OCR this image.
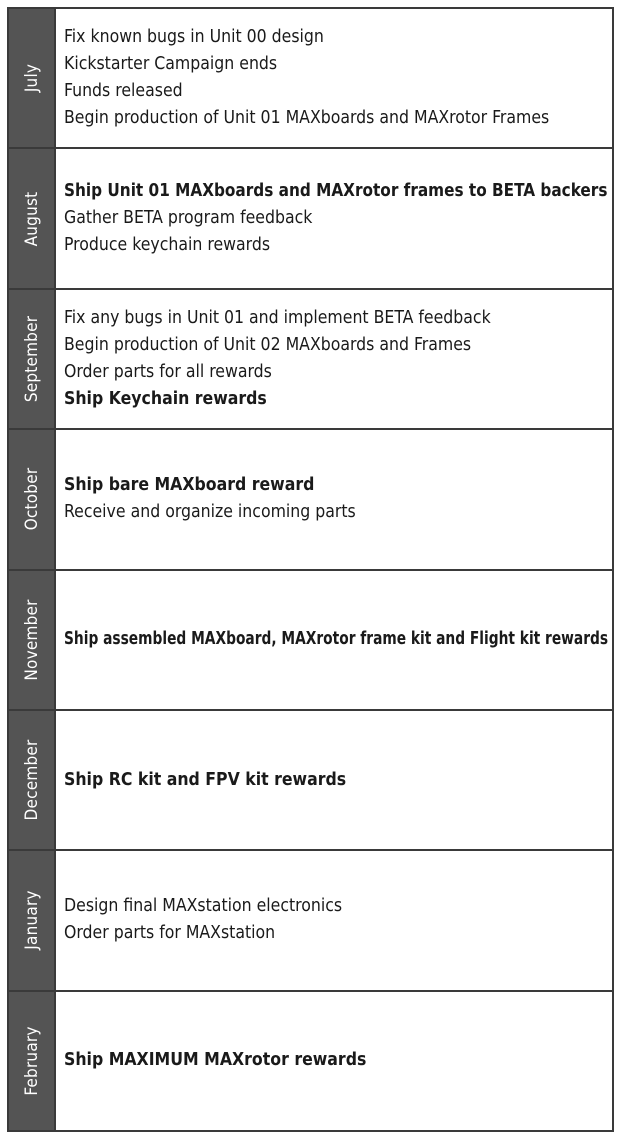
July
Fix known bugs in Unit 00 design
Kickstarter Campaign ends
Funds released
Begin production of Unit 01 MAXboards and MAXrotor Frames
August
Ship Unit 01 MAXboards and MAXrotor frames to BETA backers
Gather BETA program feedback
Produce keychain rewards
September Fix any bugs in Unit 01 and implement BETA feedback
Begin production of Unit 02 MAXboards and Frames
Order parts for all rewards
Ship Keychain rewards
October Ship bare MAXboard reward
Receive and organize incoming parts
November Ship assembled MAXboard, MAXrotor frame kit and Flight kit rewards
December Ship RC kit and FPV kit rewards
January Design final MAXstation electronics
Order parts for MAXstation
February Ship MAXIMUM MAXrotor rewards
